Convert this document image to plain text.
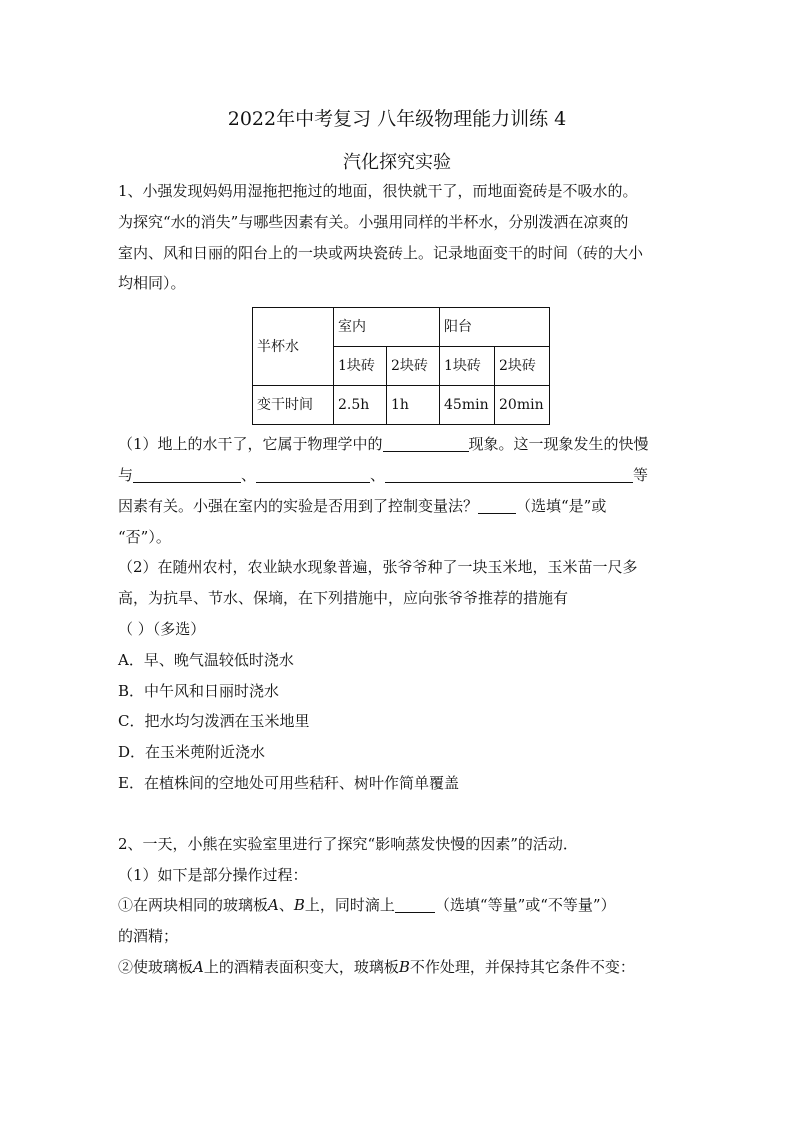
2022年中考复习 八年级物理能力训练 4
汽化探究实验

1、小强发现妈妈用湿拖把拖过的地面，很快就干了，而地面瓷砖是不吸水的。

为探究“水的消失”与哪些因素有关。小强用同样的半杯水，分别泼洒在凉爽的

室内、风和日丽的阳台上的一块或两块瓷砖上。记录地面变干的时间（砖的大小

均相同）。

半杯水	室内		阳台	
	1块砖	2块砖	1块砖	2块砖
变干时间	2.5h	1h	45min	20min

（1）地上的水干了，它属于物理学中的	现象。这一现象发生的快慢

与	、	、	等

因素有关。小强在室内的实验是否用到了控制变量法？	（选填“是”或

“否”）。

（2）在随州农村，农业缺水现象普遍，张爷爷种了一块玉米地，玉米苗一尺多

高，为抗旱、节水、保墒，在下列措施中，应向张爷爷推荐的措施有

（ ）（多选）

A．早、晚气温较低时浇水

B．中午风和日丽时浇水

C．把水均匀泼洒在玉米地里

D．在玉米蔸附近浇水

E．在植株间的空地处可用些秸秆、树叶作简单覆盖

2、一天，小熊在实验室里进行了探究“影响蒸发快慢的因素”的活动．

（1）如下是部分操作过程：

①在两块相同的玻璃板A、B上，同时滴上	（选填“等量”或“不等量”）

的酒精；

②使玻璃板A上的酒精表面积变大，玻璃板B不作处理，并保持其它条件不变：
